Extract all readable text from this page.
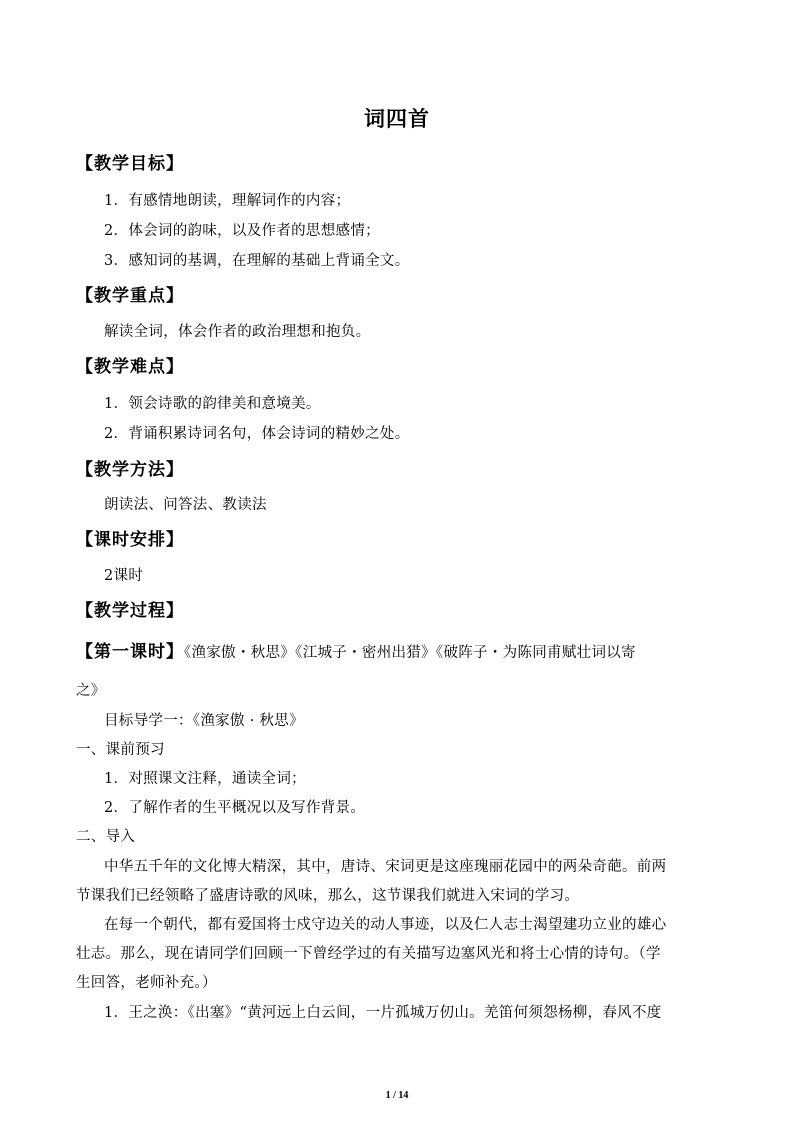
词四首
【教学目标】
1．有感情地朗读，理解词作的内容；
2．体会词的韵味，以及作者的思想感情；
3．感知词的基调，在理解的基础上背诵全文。
【教学重点】
解读全词，体会作者的政治理想和抱负。
【教学难点】
1．领会诗歌的韵律美和意境美。
2．背诵积累诗词名句，体会诗词的精妙之处。
【教学方法】
朗读法、问答法、教读法
【课时安排】
2课时
【教学过程】
【第一课时】《渔家傲・秋思》《江城子・密州出猎》《破阵子・为陈同甫赋壮词以寄
之》
目标导学一：《渔家傲 · 秋思》
一、课前预习
1．对照课文注释，通读全词；
2．了解作者的生平概况以及写作背景。
二、导入
中华五千年的文化博大精深，其中，唐诗、宋词更是这座瑰丽花园中的两朵奇葩。前两
节课我们已经领略了盛唐诗歌的风味，那么，这节课我们就进入宋词的学习。
在每一个朝代，都有爱国将士戍守边关的动人事迹，以及仁人志士渴望建功立业的雄心
壮志。那么，现在请同学们回顾一下曾经学过的有关描写边塞风光和将士心情的诗句。（学
生回答，老师补充。）
1．王之涣：《出塞》“黄河远上白云间，一片孤城万仞山。羌笛何须怨杨柳，春风不度
1 / 14
